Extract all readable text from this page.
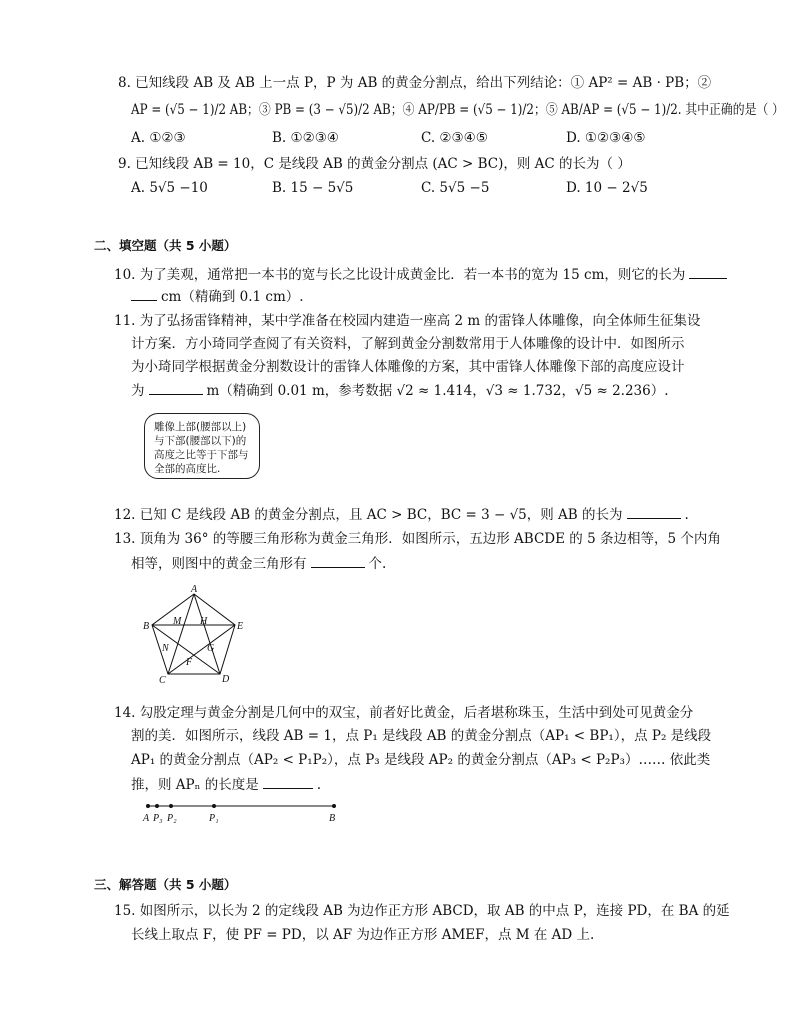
8. 已知线段 AB 及 AB 上一点 P，P 为 AB 的黄金分割点，给出下列结论：① AP² = AB · PB；②
AP = (√5 − 1)/2 AB；③ PB = (3 − √5)/2 AB；④ AP/PB = (√5 − 1)/2；⑤ AB/AP = (√5 − 1)/2. 其中正确的是（ ）
A. ①②③	B. ①②③④	C. ②③④⑤	D. ①②③④⑤
9. 已知线段 AB = 10，C 是线段 AB 的黄金分割点 (AC > BC)，则 AC 的长为（ ）
A. 5√5 −10	B. 15 − 5√5	C. 5√5 −5	D. 10 − 2√5
二、填空题（共 5 小题）
10. 为了美观，通常把一本书的宽与长之比设计成黄金比．若一本书的宽为 15 cm，则它的长为
cm（精确到 0.1 cm）.
11. 为了弘扬雷锋精神，某中学准备在校园内建造一座高 2 m 的雷锋人体雕像，向全体师生征集设
计方案．方小琦同学查阅了有关资料，了解到黄金分割数常用于人体雕像的设计中．如图所示
为小琦同学根据黄金分割数设计的雷锋人体雕像的方案，其中雷锋人体雕像下部的高度应设计
为	m（精确到 0.01 m，参考数据 √2 ≈ 1.414，√3 ≈ 1.732，√5 ≈ 2.236）.
雕像上部(腰部以上)
与下部(腰部以下)的
高度之比等于下部与
全部的高度比.
12. 已知 C 是线段 AB 的黄金分割点，且 AC > BC，BC = 3 − √5，则 AB 的长为	.
13. 顶角为 36° 的等腰三角形称为黄金三角形．如图所示，五边形 ABCDE 的 5 条边相等，5 个内角
相等，则图中的黄金三角形有	个.
A
B
C	D
E
M H
N	G
F
14. 勾股定理与黄金分割是几何中的双宝，前者好比黄金，后者堪称珠玉，生活中到处可见黄金分
割的美．如图所示，线段 AB = 1，点 P₁ 是线段 AB 的黄金分割点（AP₁ < BP₁），点 P₂ 是线段
AP₁ 的黄金分割点（AP₂ < P₁P₂），点 P₃ 是线段 AP₂ 的黄金分割点（AP₃ < P₂P₃）…… 依此类
推，则 APₙ 的长度是	.
A P₃ P₂	P₁	B
三、解答题（共 5 小题）
15. 如图所示，以长为 2 的定线段 AB 为边作正方形 ABCD，取 AB 的中点 P，连接 PD，在 BA 的延
长线上取点 F，使 PF = PD，以 AF 为边作正方形 AMEF，点 M 在 AD 上.
